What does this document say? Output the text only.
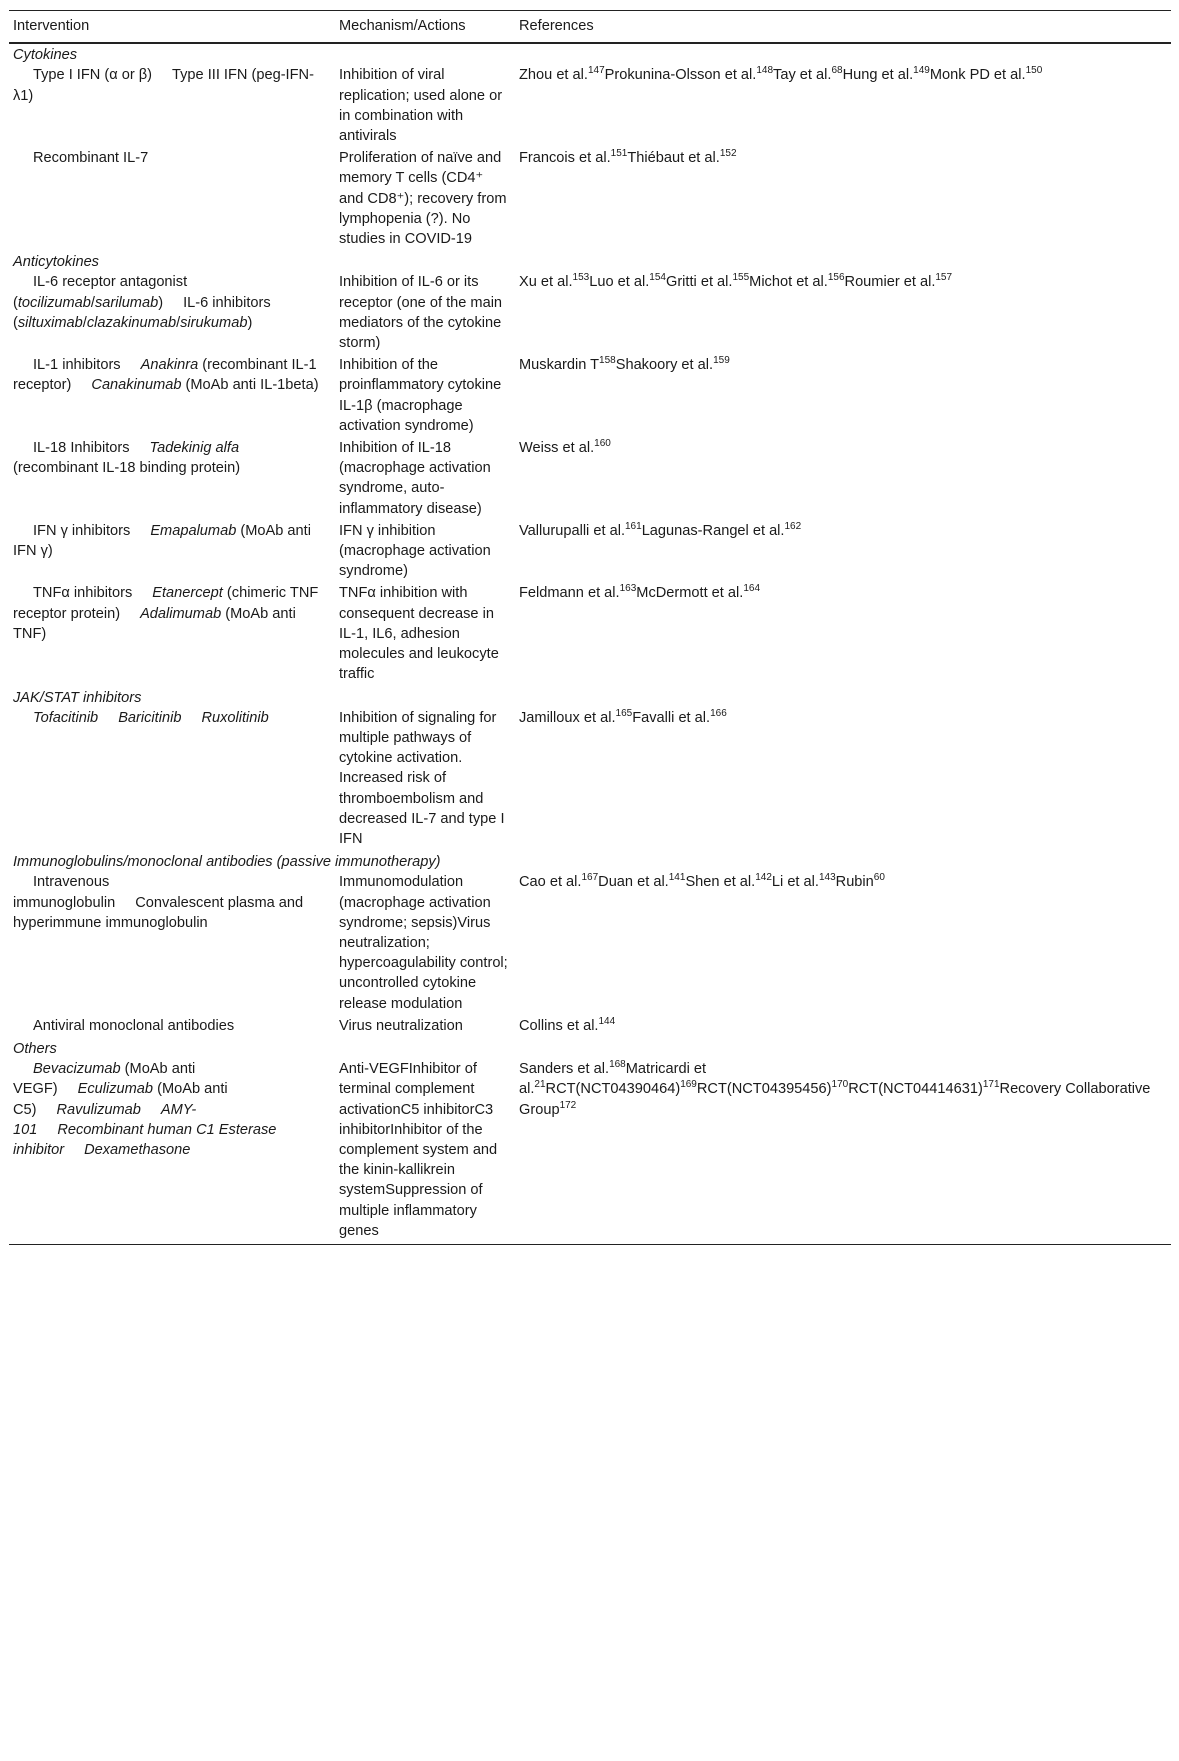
Intervention	Mechanism/Actions	References
Cytokines		
Type I IFN (α or β) Type III IFN (peg-IFN-λ1)	Inhibition of viral replication; used alone or in combination with antivirals	Zhou et al.$^{147}$Prokunina-Olsson et al.$^{148}$Tay et al.$^{68}$Hung et al.$^{149}$Monk PD et al.$^{150}$
Recombinant IL-7	Proliferation of naïve and memory T cells (CD4⁺ and CD8⁺); recovery from lymphopenia (?). No studies in COVID-19	Francois et al.$^{151}$Thiébaut et al.$^{152}$
Anticytokines		
IL-6 receptor antagonist (tocilizumab/sarilumab) IL-6 inhibitors (siltuximab/clazakinumab/sirukumab)	Inhibition of IL-6 or its receptor (one of the main mediators of the cytokine storm)	Xu et al.$^{153}$Luo et al.$^{154}$Gritti et al.$^{155}$Michot et al.$^{156}$Roumier et al.$^{157}$
IL-1 inhibitors Anakinra (recombinant IL-1 receptor) Canakinumab (MoAb anti IL-1beta)	Inhibition of the proinflammatory cytokine IL-1β (macrophage activation syndrome)	Muskardin $T^{158}Shakoory$ et al.$^{159}$
IL-18 Inhibitors Tadekinig alfa (recombinant IL-18 binding protein)	Inhibition of IL-18 (macrophage activation syndrome, auto-inflammatory disease)	Weiss et al.$^{160}$
IFN γ inhibitors Emapalumab (MoAb anti IFN γ)	IFN γ inhibition (macrophage activation syndrome)	Vallurupalli et al.$^{161}$Lagunas-Rangel et al.$^{162}$
TNFα inhibitors Etanercept (chimeric TNF receptor protein) Adalimumab (MoAb anti TNF)	TNFα inhibition with consequent decrease in IL-1, IL6, adhesion molecules and leukocyte traffic	Feldmann et al.$^{163}$McDermott et al.$^{164}$
JAK/STAT inhibitors		
Tofacitinib Baricitinib Ruxolitinib	Inhibition of signaling for multiple pathways of cytokine activation. Increased risk of thromboembolism and decreased IL-7 and type I IFN	Jamilloux et al.$^{165}$Favalli et al.$^{166}$
Immunoglobulins/monoclonal antibodies (passive immunotherapy)		
Intravenous immunoglobulin Convalescent plasma and hyperimmune immunoglobulin	Immunomodulation (macrophage activation syndrome; sepsis)Virus neutralization; hypercoagulability control; uncontrolled cytokine release modulation	Cao et al.$^{167}$Duan et al.$^{141}$Shen et al.$^{142}$Li et al.$^{143}$Rubin$^{60}$
Antiviral monoclonal antibodies	Virus neutralization	Collins et al.$^{144}$
Others		
Bevacizumab (MoAb anti VEGF) Eculizumab (MoAb anti C5) Ravulizumab AMY-101 Recombinant human C1 Esterase inhibitor Dexamethasone	Anti-VEGFInhibitor of terminal complement activationC5 inhibitorC3 inhibitorInhibitor of the complement system and the kinin-kallikrein systemSuppression of multiple inflammatory genes	Sanders et al.$^{168}$Matricardi et $al.^{21}RCT(NCT04390464)^{169}RCT(NCT04395456)^{170}RCT(NCT04414631)^{171}Recovery$ Collaborative Group$^{172}$
